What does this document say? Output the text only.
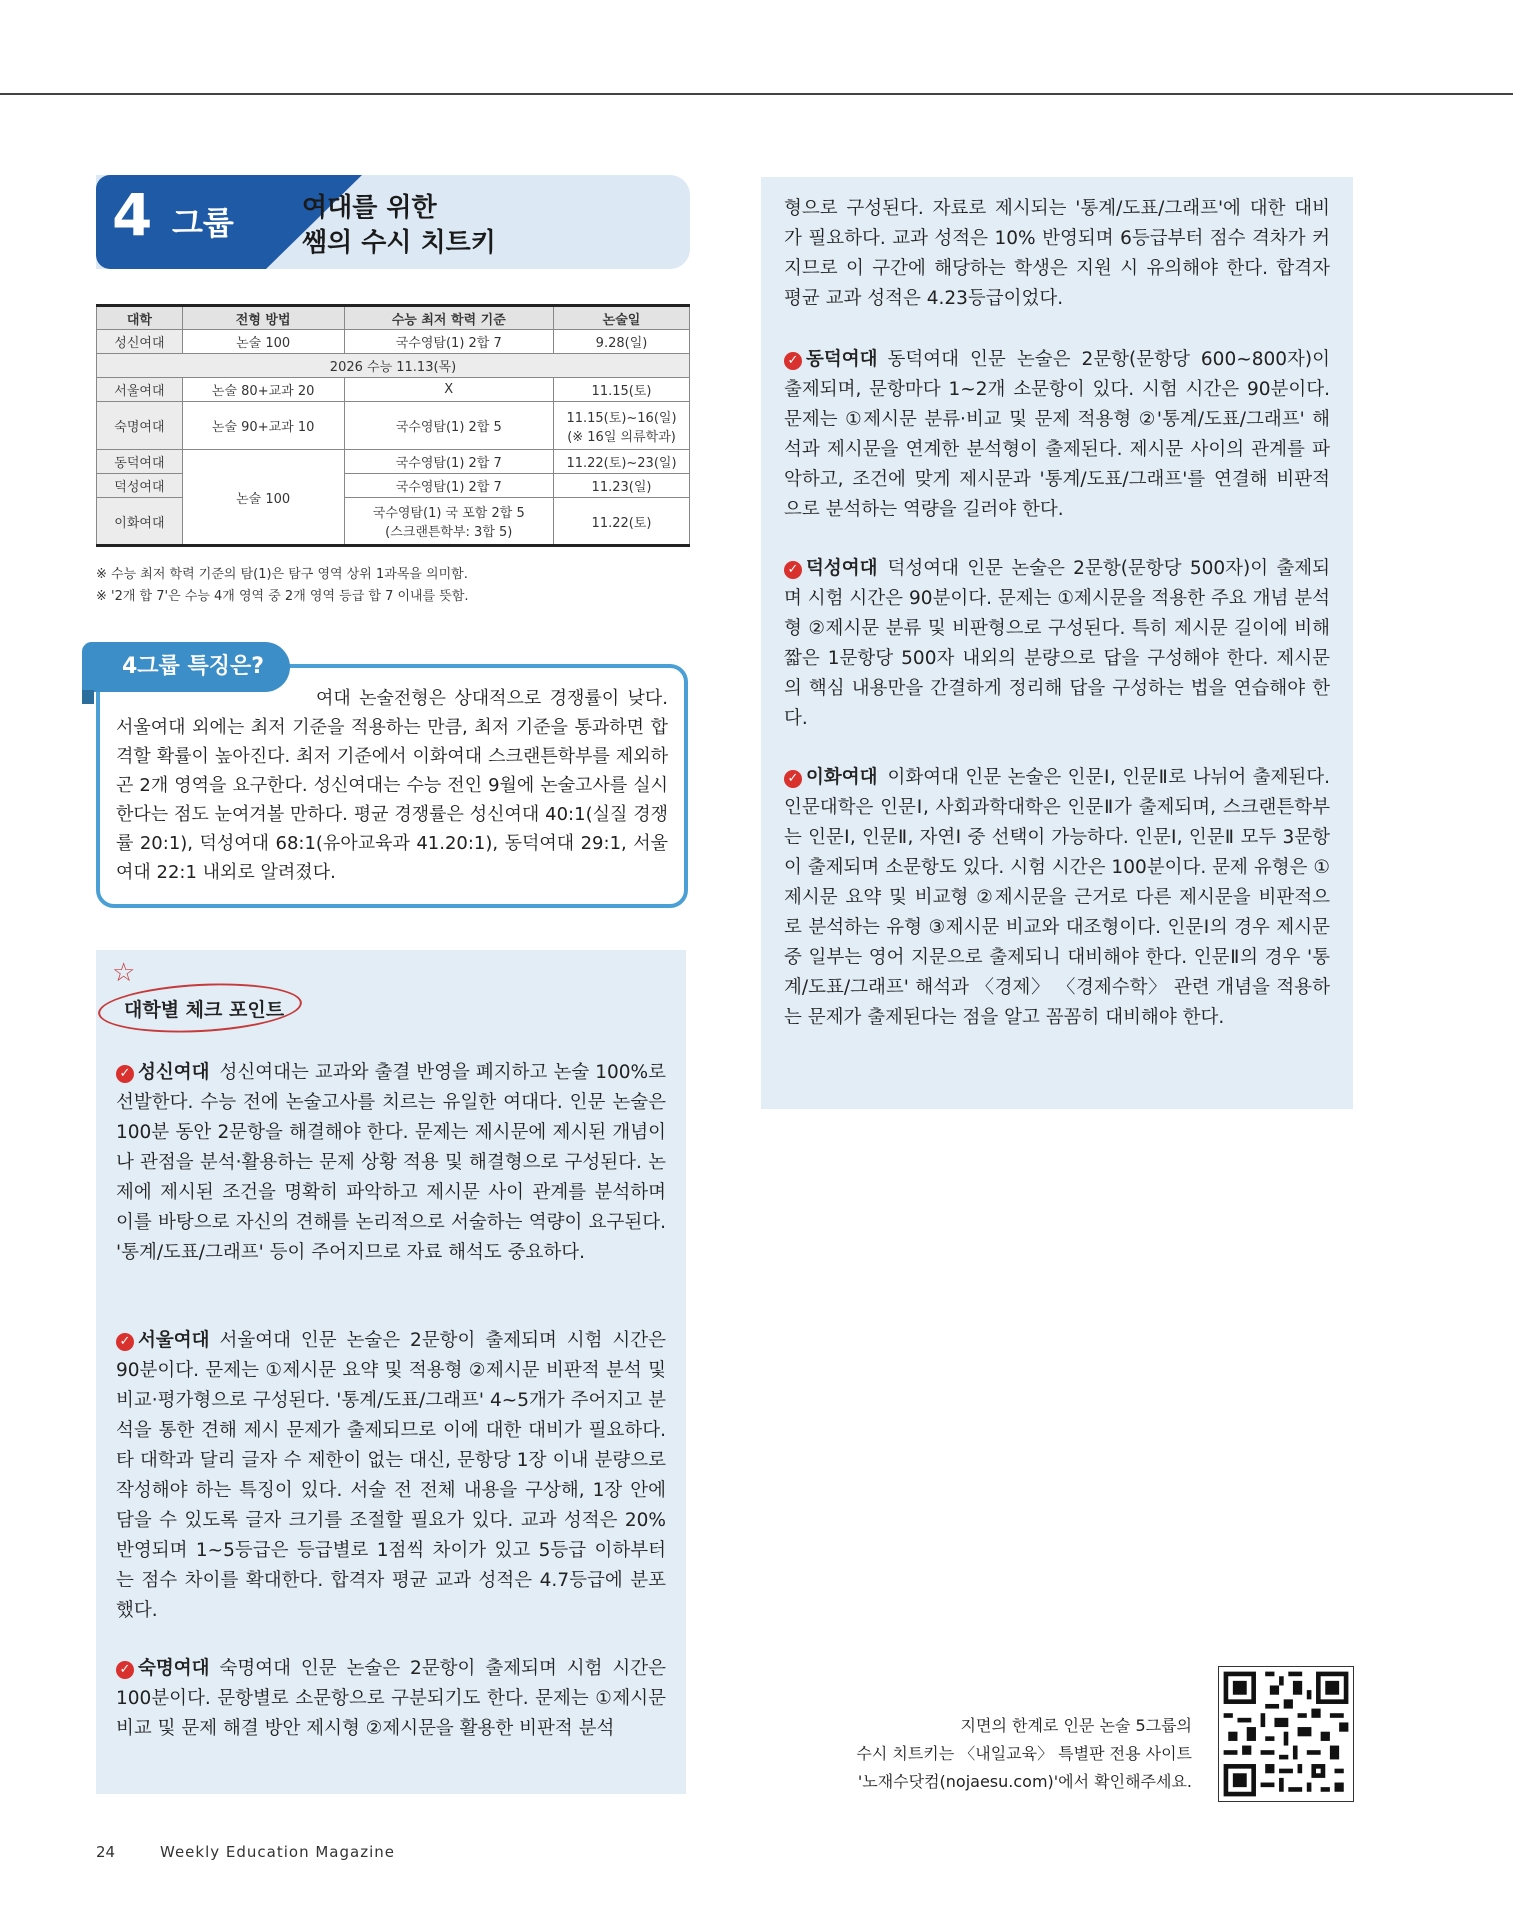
4 그룹	여대를 위한
쌤의 수시 치트키
대학	전형 방법	수능 최저 학력 기준	논술일
성신여대	논술 100	국수영탐(1) 2합 7	9.28(일)
2026 수능 11.13(목)			
서울여대	논술 80+교과 20	X	11.15(토)
숙명여대	논술 90+교과 10	국수영탐(1) 2합 5	11.15(토)~16(일)
(※ 16일 의류학과)

동덕여대	논술 100	국수영탐(1) 2합 7	11.22(토)~23(일)
덕성여대		국수영탐(1) 2합 7	11.23(일)
이화여대		국수영탐(1) 국 포함 2합 5
(스크랜튼학부: 3합 5)	11.22(토)
※ 수능 최저 학력 기준의 탐(1)은 탐구 영역 상위 1과목을 의미함.
※ '2개 합 7'은 수능 4개 영역 중 2개 영역 등급 합 7 이내를 뜻함.
4그룹 특징은?
여대 논술전형은 상대적으로 경쟁률이 낮다. 서울여대 외에는 최저 기준을 적용하는 만큼, 최저 기준을 통과하면 합격할 확률이 높아진다. 최저 기준에서 이화여대 스크랜튼학부를 제외하곤 2개 영역을 요구한다. 성신여대는 수능 전인 9월에 논술고사를 실시한다는 점도 눈여겨볼 만하다. 평균 경쟁률은 성신여대 40:1(실질 경쟁률 20:1), 덕성여대 68:1(유아교육과 41.20:1), 동덕여대 29:1, 서울여대 22:1 내외로 알려졌다.
☆
대학별 체크 포인트
✓ 성신여대 성신여대는 교과와 출결 반영을 폐지하고 논술 100%로 선발한다. 수능 전에 논술고사를 치르는 유일한 여대다. 인문 논술은 100분 동안 2문항을 해결해야 한다. 문제는 제시문에 제시된 개념이나 관점을 분석·활용하는 문제 상황 적용 및 해결형으로 구성된다. 논제에 제시된 조건을 명확히 파악하고 제시문 사이 관계를 분석하며 이를 바탕으로 자신의 견해를 논리적으로 서술하는 역량이 요구된다. '통계/도표/그래프' 등이 주어지므로 자료 해석도 중요하다.
✓ 서울여대 서울여대 인문 논술은 2문항이 출제되며 시험 시간은 90분이다. 문제는 ①제시문 요약 및 적용형 ②제시문 비판적 분석 및 비교·평가형으로 구성된다. '통계/도표/그래프' 4~5개가 주어지고 분석을 통한 견해 제시 문제가 출제되므로 이에 대한 대비가 필요하다. 타 대학과 달리 글자 수 제한이 없는 대신, 문항당 1장 이내 분량으로 작성해야 하는 특징이 있다. 서술 전 전체 내용을 구상해, 1장 안에 담을 수 있도록 글자 크기를 조절할 필요가 있다. 교과 성적은 20% 반영되며 1~5등급은 등급별로 1점씩 차이가 있고 5등급 이하부터는 점수 차이를 확대한다. 합격자 평균 교과 성적은 4.7등급에 분포했다.
✓ 숙명여대 숙명여대 인문 논술은 2문항이 출제되며 시험 시간은 100분이다. 문항별로 소문항으로 구분되기도 한다. 문제는 ①제시문 비교 및 문제 해결 방안 제시형 ②제시문을 활용한 비판적 분석
형으로 구성된다. 자료로 제시되는 '통계/도표/그래프'에 대한 대비가 필요하다. 교과 성적은 10% 반영되며 6등급부터 점수 격차가 커지므로 이 구간에 해당하는 학생은 지원 시 유의해야 한다. 합격자 평균 교과 성적은 4.23등급이었다.
✓ 동덕여대 동덕여대 인문 논술은 2문항(문항당 600~800자)이 출제되며, 문항마다 1~2개 소문항이 있다. 시험 시간은 90분이다. 문제는 ①제시문 분류·비교 및 문제 적용형 ②'통계/도표/그래프' 해석과 제시문을 연계한 분석형이 출제된다. 제시문 사이의 관계를 파악하고, 조건에 맞게 제시문과 '통계/도표/그래프'를 연결해 비판적으로 분석하는 역량을 길러야 한다.
✓ 덕성여대 덕성여대 인문 논술은 2문항(문항당 500자)이 출제되며 시험 시간은 90분이다. 문제는 ①제시문을 적용한 주요 개념 분석형 ②제시문 분류 및 비판형으로 구성된다. 특히 제시문 길이에 비해 짧은 1문항당 500자 내외의 분량으로 답을 구성해야 한다. 제시문의 핵심 내용만을 간결하게 정리해 답을 구성하는 법을 연습해야 한다.
✓ 이화여대 이화여대 인문 논술은 인문Ⅰ, 인문Ⅱ로 나뉘어 출제된다. 인문대학은 인문Ⅰ, 사회과학대학은 인문Ⅱ가 출제되며, 스크랜튼학부는 인문Ⅰ, 인문Ⅱ, 자연Ⅰ 중 선택이 가능하다. 인문Ⅰ, 인문Ⅱ 모두 3문항이 출제되며 소문항도 있다. 시험 시간은 100분이다. 문제 유형은 ①제시문 요약 및 비교형 ②제시문을 근거로 다른 제시문을 비판적으로 분석하는 유형 ③제시문 비교와 대조형이다. 인문Ⅰ의 경우 제시문 중 일부는 영어 지문으로 출제되니 대비해야 한다. 인문Ⅱ의 경우 '통계/도표/그래프' 해석과 〈경제〉 〈경제수학〉 관련 개념을 적용하는 문제가 출제된다는 점을 알고 꼼꼼히 대비해야 한다.
지면의 한계로 인문 논술 5그룹의
수시 치트키는 〈내일교육〉 특별판 전용 사이트
'노재수닷컴(nojaesu.com)'에서 확인해주세요.
24	Weekly Education Magazine
